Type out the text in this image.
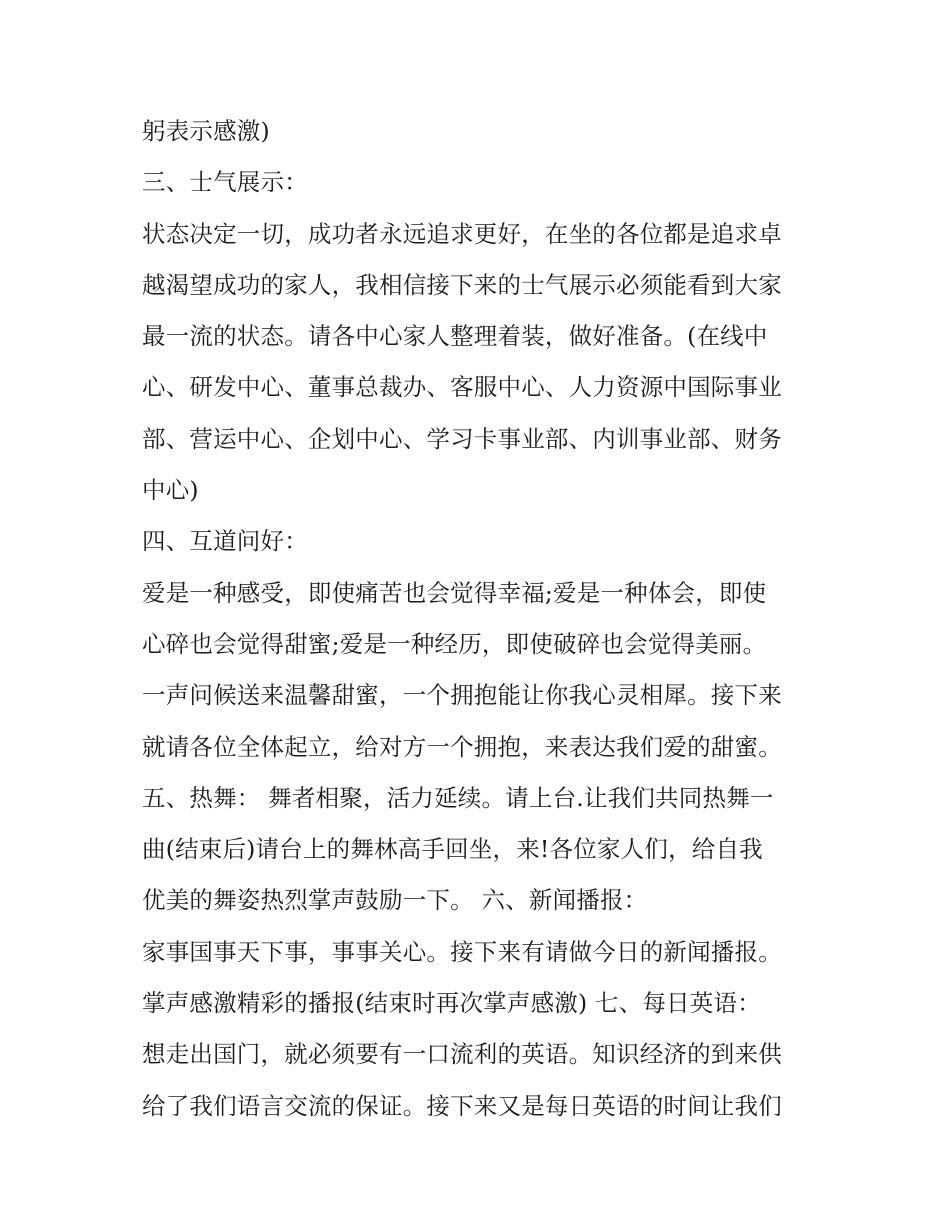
躬表示感激)
三、士气展示：
状态决定一切，成功者永远追求更好，在坐的各位都是追求卓
越渴望成功的家人，我相信接下来的士气展示必须能看到大家
最一流的状态。请各中心家人整理着装，做好准备。(在线中
心、研发中心、董事总裁办、客服中心、人力资源中国际事业
部、营运中心、企划中心、学习卡事业部、内训事业部、财务
中心)
四、互道问好：
爱是一种感受，即使痛苦也会觉得幸福;爱是一种体会，即使
心碎也会觉得甜蜜;爱是一种经历，即使破碎也会觉得美丽。
一声问候送来温馨甜蜜，一个拥抱能让你我心灵相犀。接下来
就请各位全体起立，给对方一个拥抱，来表达我们爱的甜蜜。
五、热舞： 舞者相聚，活力延续。请上台.让我们共同热舞一
曲(结束后)请台上的舞林高手回坐，来!各位家人们，给自我
优美的舞姿热烈掌声鼓励一下。 六、新闻播报：
家事国事天下事，事事关心。接下来有请做今日的新闻播报。
掌声感激精彩的播报(结束时再次掌声感激) 七、每日英语：
想走出国门，就必须要有一口流利的英语。知识经济的到来供
给了我们语言交流的保证。接下来又是每日英语的时间让我们
